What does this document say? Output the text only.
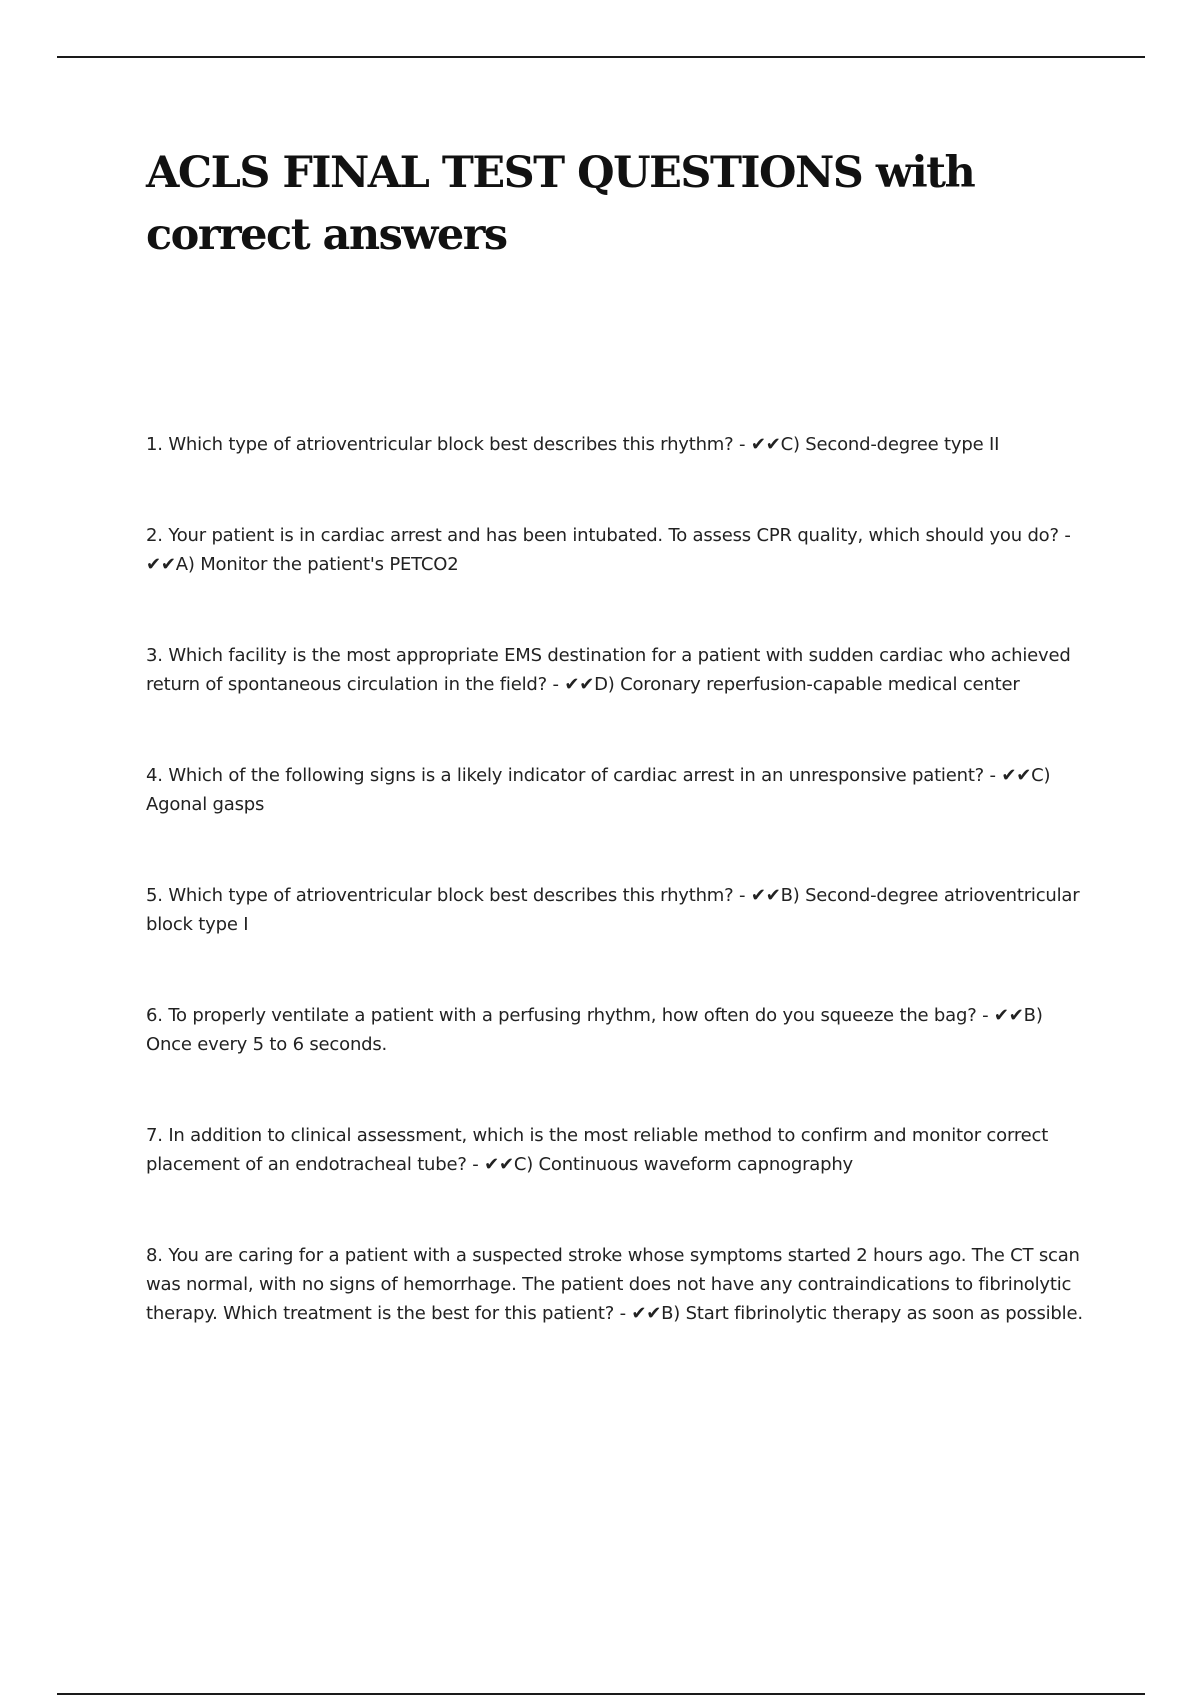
ACLS FINAL TEST QUESTIONS with correct answers
1. Which type of atrioventricular block best describes this rhythm? - ✔✔C) Second-degree type II
2. Your patient is in cardiac arrest and has been intubated. To assess CPR quality, which should you do? - ✔✔A) Monitor the patient's PETCO2
3. Which facility is the most appropriate EMS destination for a patient with sudden cardiac who achieved return of spontaneous circulation in the field? - ✔✔D) Coronary reperfusion-capable medical center
4. Which of the following signs is a likely indicator of cardiac arrest in an unresponsive patient? - ✔✔C) Agonal gasps
5. Which type of atrioventricular block best describes this rhythm? - ✔✔B) Second-degree atrioventricular block type I
6. To properly ventilate a patient with a perfusing rhythm, how often do you squeeze the bag? - ✔✔B) Once every 5 to 6 seconds.
7. In addition to clinical assessment, which is the most reliable method to confirm and monitor correct placement of an endotracheal tube? - ✔✔C) Continuous waveform capnography
8. You are caring for a patient with a suspected stroke whose symptoms started 2 hours ago. The CT scan was normal, with no signs of hemorrhage. The patient does not have any contraindications to fibrinolytic therapy. Which treatment is the best for this patient? - ✔✔B) Start fibrinolytic therapy as soon as possible.
